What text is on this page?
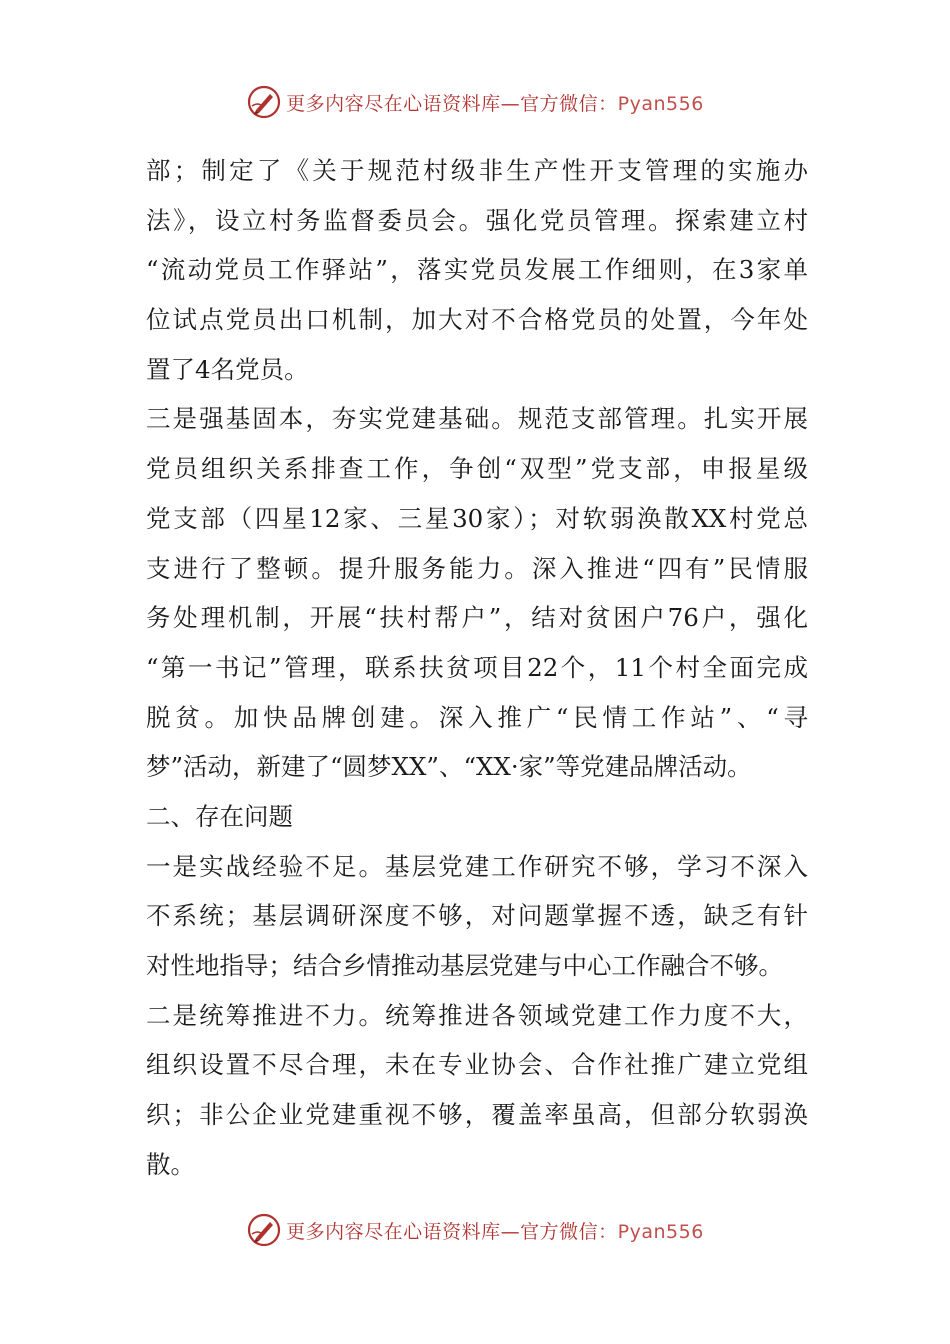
更多内容尽在心语资料库—官方微信：Pyan556
部；制定了《关于规范村级非生产性开支管理的实施办
法》，设立村务监督委员会。强化党员管理。探索建立村
“流动党员工作驿站”，落实党员发展工作细则，在3家单
位试点党员出口机制，加大对不合格党员的处置，今年处
置了4名党员。
三是强基固本，夯实党建基础。规范支部管理。扎实开展
党员组织关系排查工作，争创“双型”党支部，申报星级
党支部（四星12家、三星30家）；对软弱涣散XX村党总
支进行了整顿。提升服务能力。深入推进“四有”民情服
务处理机制，开展“扶村帮户”，结对贫困户76户，强化
“第一书记”管理，联系扶贫项目22个，11个村全面完成
脱贫。加快品牌创建。深入推广“民情工作站”、“寻
梦”活动，新建了“圆梦XX”、“XX·家”等党建品牌活动。
二、存在问题
一是实战经验不足。基层党建工作研究不够，学习不深入
不系统；基层调研深度不够，对问题掌握不透，缺乏有针
对性地指导；结合乡情推动基层党建与中心工作融合不够。
二是统筹推进不力。统筹推进各领域党建工作力度不大，
组织设置不尽合理，未在专业协会、合作社推广建立党组
织；非公企业党建重视不够，覆盖率虽高，但部分软弱涣
散。
更多内容尽在心语资料库—官方微信：Pyan556
